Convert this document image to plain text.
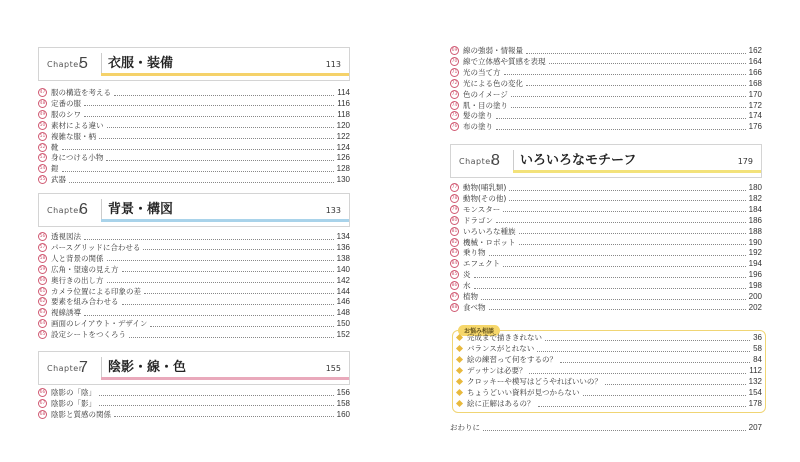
Chapter
5	衣服・装備	113
47 服の構造を考える	114
48 定番の服	116
49 服のシワ	118
50 素材による違い	120
51 複雑な服・柄	122
52 靴	124
53 身につける小物	126
54 鎧	128
55 武器	130
Chapter
6	背景・構図	133
56 透視図法	134
57 パースグリッドに合わせる	136
58 人と背景の関係	138
59 広角・望遠の見え方	140
60 奥行きの出し方	142
61 カメラ位置による印象の差	144
62 要素を組み合わせる	146
63 視線誘導	148
64 画面のレイアウト・デザイン	150
65 設定シートをつくろう	152
Chapter
7	陰影・線・色	155
66 陰影の「陰」	156
67 陰影の「影」	158
68 陰影と質感の関係	160
69 線の強弱・情報量	162
70 線で立体感や質感を表現	164
71 光の当て方	166
72 光による色の変化	168
73 色のイメージ	170
74 肌・目の塗り	172
75 髪の塗り	174
76 布の塗り	176
Chapter
8	いろいろなモチーフ	179
77 動物(哺乳類)	180
78 動物(その他)	182
79 モンスター	184
80 ドラゴン	186
81 いろいろな種族	188
82 機械・ロボット	190
83 乗り物	192
84 エフェクト	194
85 炎	196
86 水	198
87 植物	200
88 食べ物	202
お悩み相談
完成まで描ききれない	36
バランスがとれない	58
絵の練習って何をするの？	84
デッサンは必要？	112
クロッキーや模写はどうやればいいの？	132
ちょうどいい資料が見つからない	154
絵に正解はあるの？	178
おわりに	207
